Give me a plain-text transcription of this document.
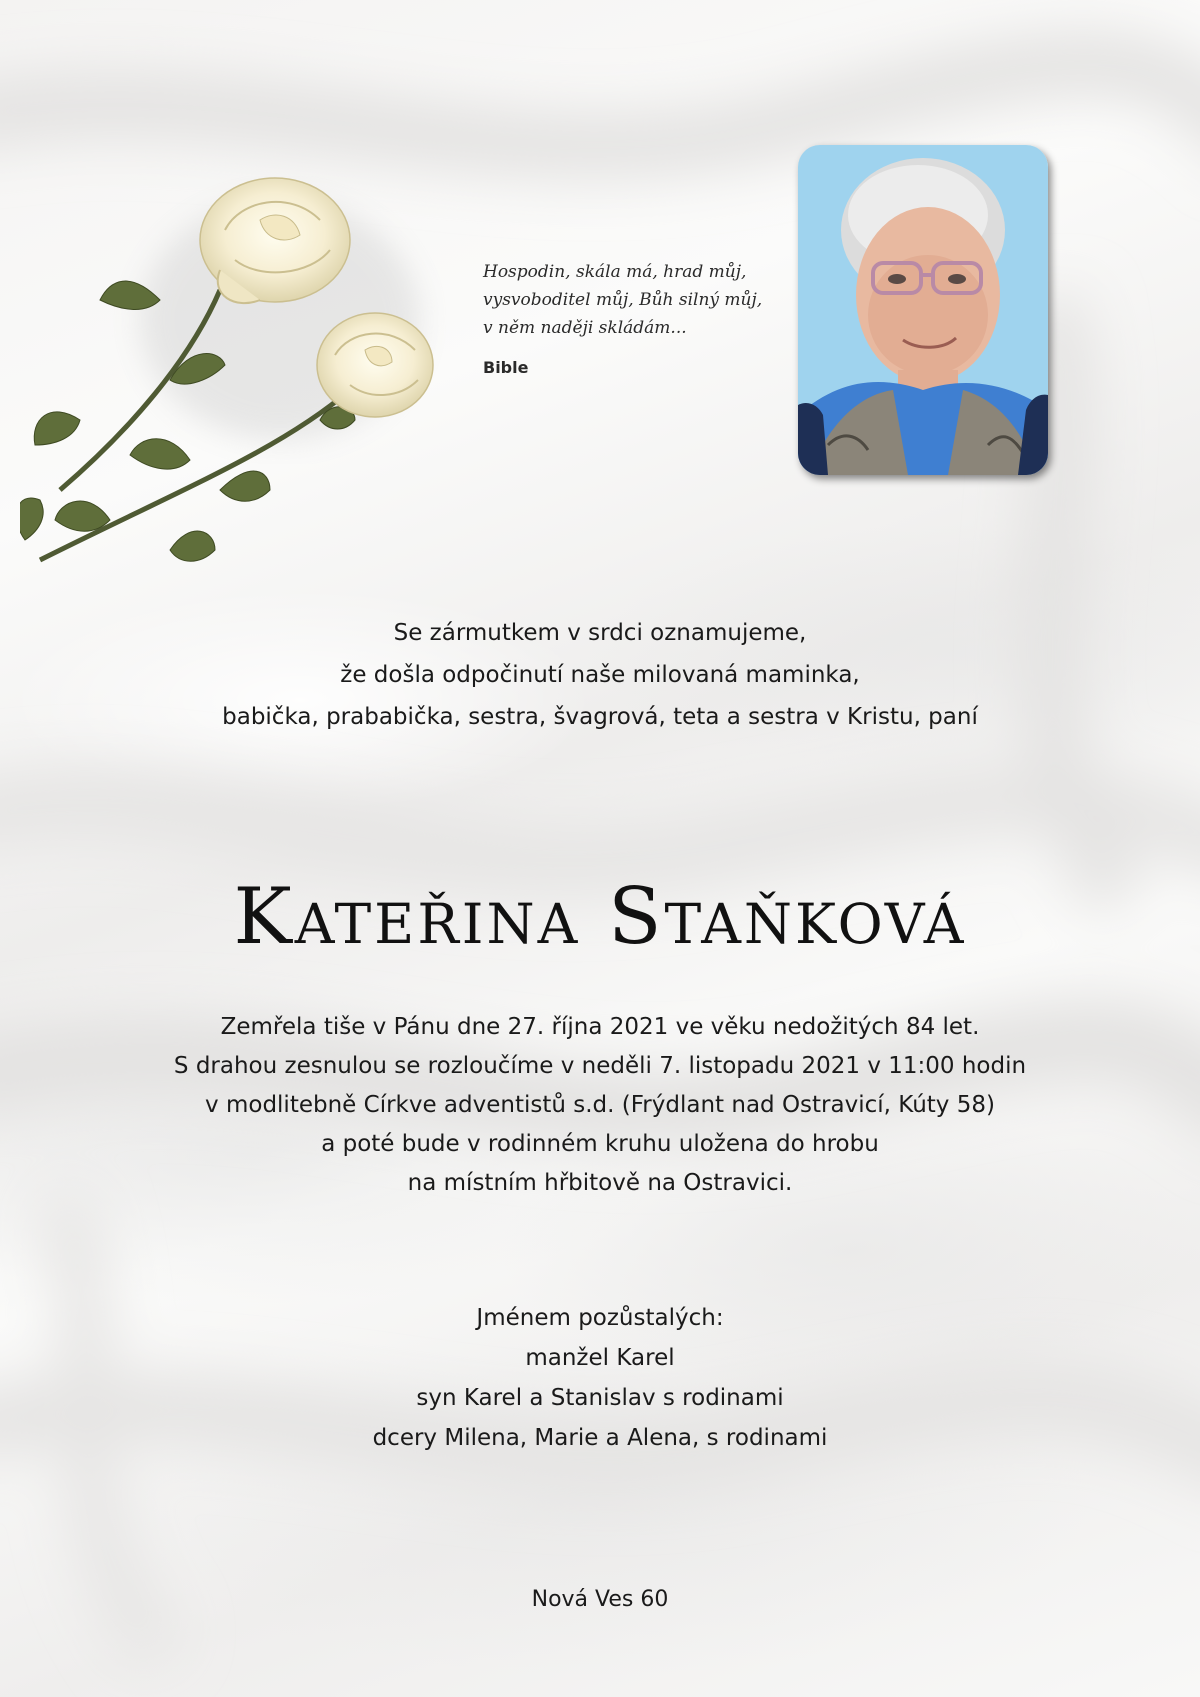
Hospodin, skála má, hrad můj,
vysvoboditel můj, Bůh silný můj,
v něm naději skládám...
Bible
Se zármutkem v srdci oznamujeme,
že došla odpočinutí naše milovaná maminka,
babička, prababička, sestra, švagrová, teta a sestra v Kristu, paní
Kateřina Staňková
Zemřela tiše v Pánu dne 27. října 2021 ve věku nedožitých 84 let.
S drahou zesnulou se rozloučíme v neděli 7. listopadu 2021 v 11:00 hodin
v modlitebně Církve adventistů s.d. (Frýdlant nad Ostravicí, Kúty 58)
a poté bude v rodinném kruhu uložena do hrobu
na místním hřbitově na Ostravici.
Jménem pozůstalých:
manžel Karel
syn Karel a Stanislav s rodinami
dcery Milena, Marie a Alena, s rodinami
Nová Ves 60
